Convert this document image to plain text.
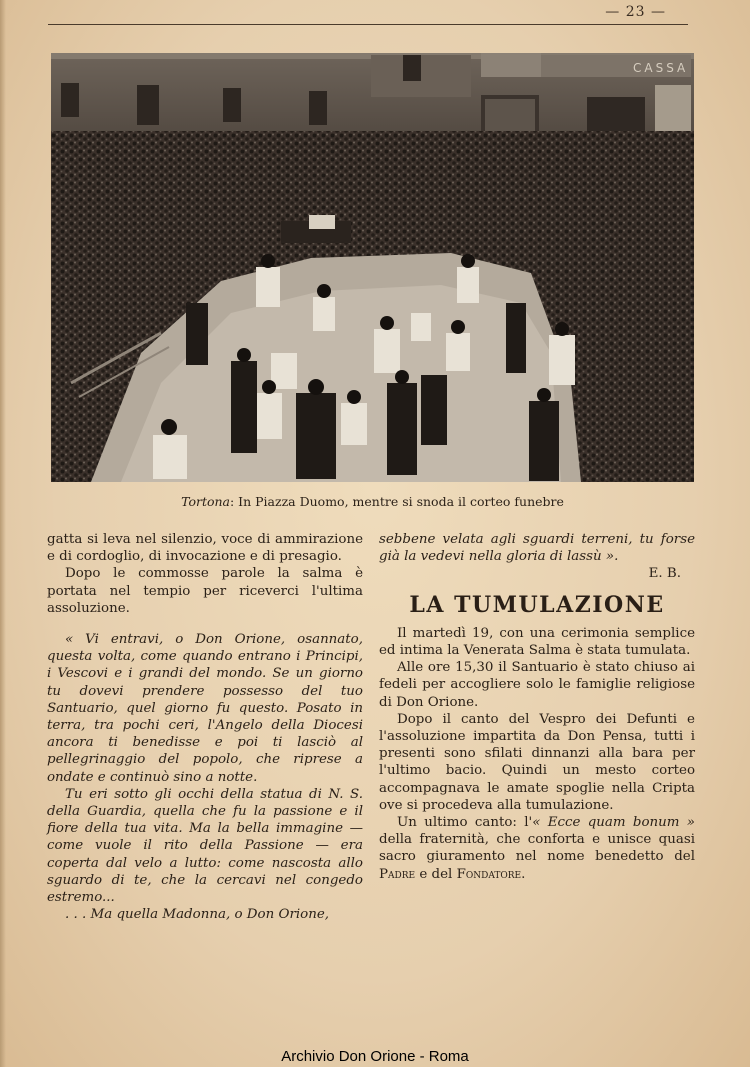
— 23 —
CASSA
Tortona: In Piazza Duomo, mentre si snoda il corteo funebre

gatta si leva nel silenzio, voce di ammirazione e di cordoglio, di invocazione e di presagio.

Dopo le commosse parole la salma è portata nel tempio per riceverci l'ultima assoluzione.

« Vi entravi, o Don Orione, osannato, questa volta, come quando entrano i Principi, i Vescovi e i grandi del mondo. Se un giorno tu dovevi prendere possesso del tuo Santuario, quel giorno fu questo. Posato in terra, tra pochi ceri, l'Angelo della Diocesi ancora ti benedisse e poi ti lasciò al pellegrinaggio del popolo, che riprese a ondate e continuò sino a notte.

Tu eri sotto gli occhi della statua di N. S. della Guardia, quella che fu la passione e il fiore della tua vita. Ma la bella immagine — come vuole il rito della Passione — era coperta dal velo a lutto: come nascosta allo sguardo di te, che la cercavi nel congedo estremo...

. . . Ma quella Madonna, o Don Orione,

sebbene velata agli sguardi terreni, tu forse già la vedevi nella gloria di lassù ».

E. B.
LA TUMULAZIONE

Il martedì 19, con una cerimonia semplice ed intima la Venerata Salma è stata tumulata.

Alle ore 15,30 il Santuario è stato chiuso ai fedeli per accogliere solo le famiglie religiose di Don Orione.

Dopo il canto del Vespro dei Defunti e l'assoluzione impartita da Don Pensa, tutti i presenti sono sfilati dinnanzi alla bara per l'ultimo bacio. Quindi un mesto corteo accompagnava le amate spoglie nella Cripta ove si procedeva alla tumulazione.

Un ultimo canto: l'« Ecce quam bonum » della fraternità, che conforta e unisce quasi sacro giuramento nel nome benedetto del Padre e del Fondatore.

Archivio Don Orione - Roma
